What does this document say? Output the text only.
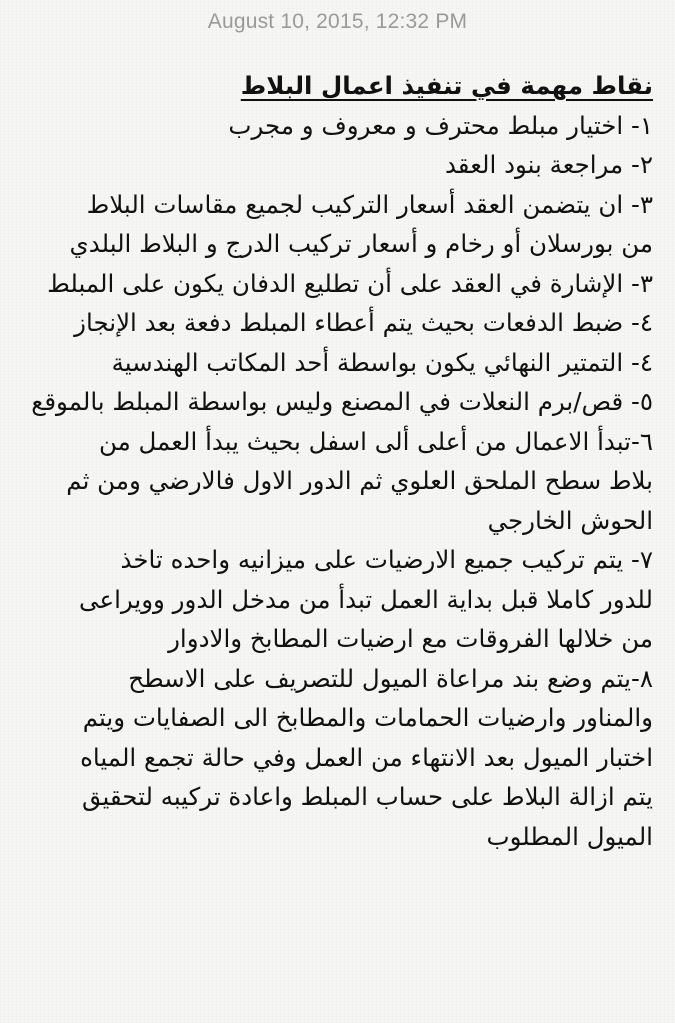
August 10, 2015, 12:32 PM

نقاط مهمة في تنفيذ اعمال البلاط

١- اختيار مبلط محترف و معروف و مجرب

٢- مراجعة بنود العقد

٣- ان يتضمن العقد أسعار التركيب لجميع مقاسات البلاط

من بورسلان أو رخام و أسعار تركيب الدرج و البلاط البلدي

٣- الإشارة في العقد على أن تطليع الدفان يكون على المبلط

٤- ضبط الدفعات بحيث يتم أعطاء المبلط دفعة بعد الإنجاز

٤- التمتير النهائي يكون بواسطة أحد المكاتب الهندسية

٥- قص/برم النعلات في المصنع وليس بواسطة المبلط بالموقع

٦-تبدأ الاعمال من أعلى ألى اسفل بحيث يبدأ العمل من

بلاط سطح الملحق العلوي ثم الدور الاول فالارضي ومن ثم

الحوش الخارجي

٧- يتم تركيب جميع الارضيات على ميزانيه واحده تاخذ

للدور كاملا قبل بداية العمل تبدأ من مدخل الدور وويراعى

من خلالها الفروقات مع ارضيات المطابخ والادوار

٨-يتم وضع بند مراعاة الميول للتصريف على الاسطح

والمناور وارضيات الحمامات والمطابخ الى الصفايات ويتم

اختبار الميول بعد الانتهاء من العمل وفي حالة تجمع المياه

يتم ازالة البلاط على حساب المبلط واعادة تركيبه لتحقيق

الميول المطلوب
